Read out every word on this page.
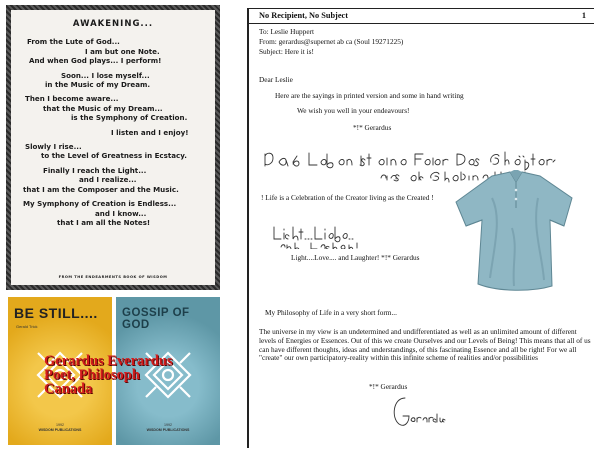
AWAKENING...
From the Lute of God...
I am but one Note.
And when God plays... I perform!
Soon... I lose myself...
in the Music of my Dream.
Then I become aware...
that the Music of my Dream...
is the Symphony of Creation.
I listen and I enjoy!
Slowly I rise...
to the Level of Greatness in Ecstacy.
Finally I reach the Light...
and I realize...
that I am the Composer and the Music.
My Symphony of Creation is Endless...
and I know...
that I am all the Notes!
FROM THE ENDEARMENTS BOOK OF WISDOM
BE STILL....
Gerald Trick
1992
WISDOM PUBLICATIONS
GOSSIP OF GOD
1992
WISDOM PUBLICATIONS
Gerardus Everardus
Poet, Philosoph
Canada
No Recipient, No Subject	1
To: Leslie Huppert
From: gerardus@supernet ab ca (Soul 19271225)
Subject: Here it is!
Dear Leslie
Here are the sayings in printed version and some in hand writing
We wish you well in your endeavours!
*!* Gerardus
! Life is a Celebration of the Creator living as the Created !
Light....Love.... and Laughter! *!* Gerardus
My Philosophy of Life in a very short form...
The universe in my view is an undetermined and undifferentiated as well as an unlimited amount of different levels of Energies or Essences. Out of this we create Ourselves and our Levels of Being! This means that all of us can have different thoughts, ideas and understandings, of this fascinating Essence and all be right! For we all "create" our own participatory-reality within this infinite scheme of realities and/or possibilities
*!* Gerardus
